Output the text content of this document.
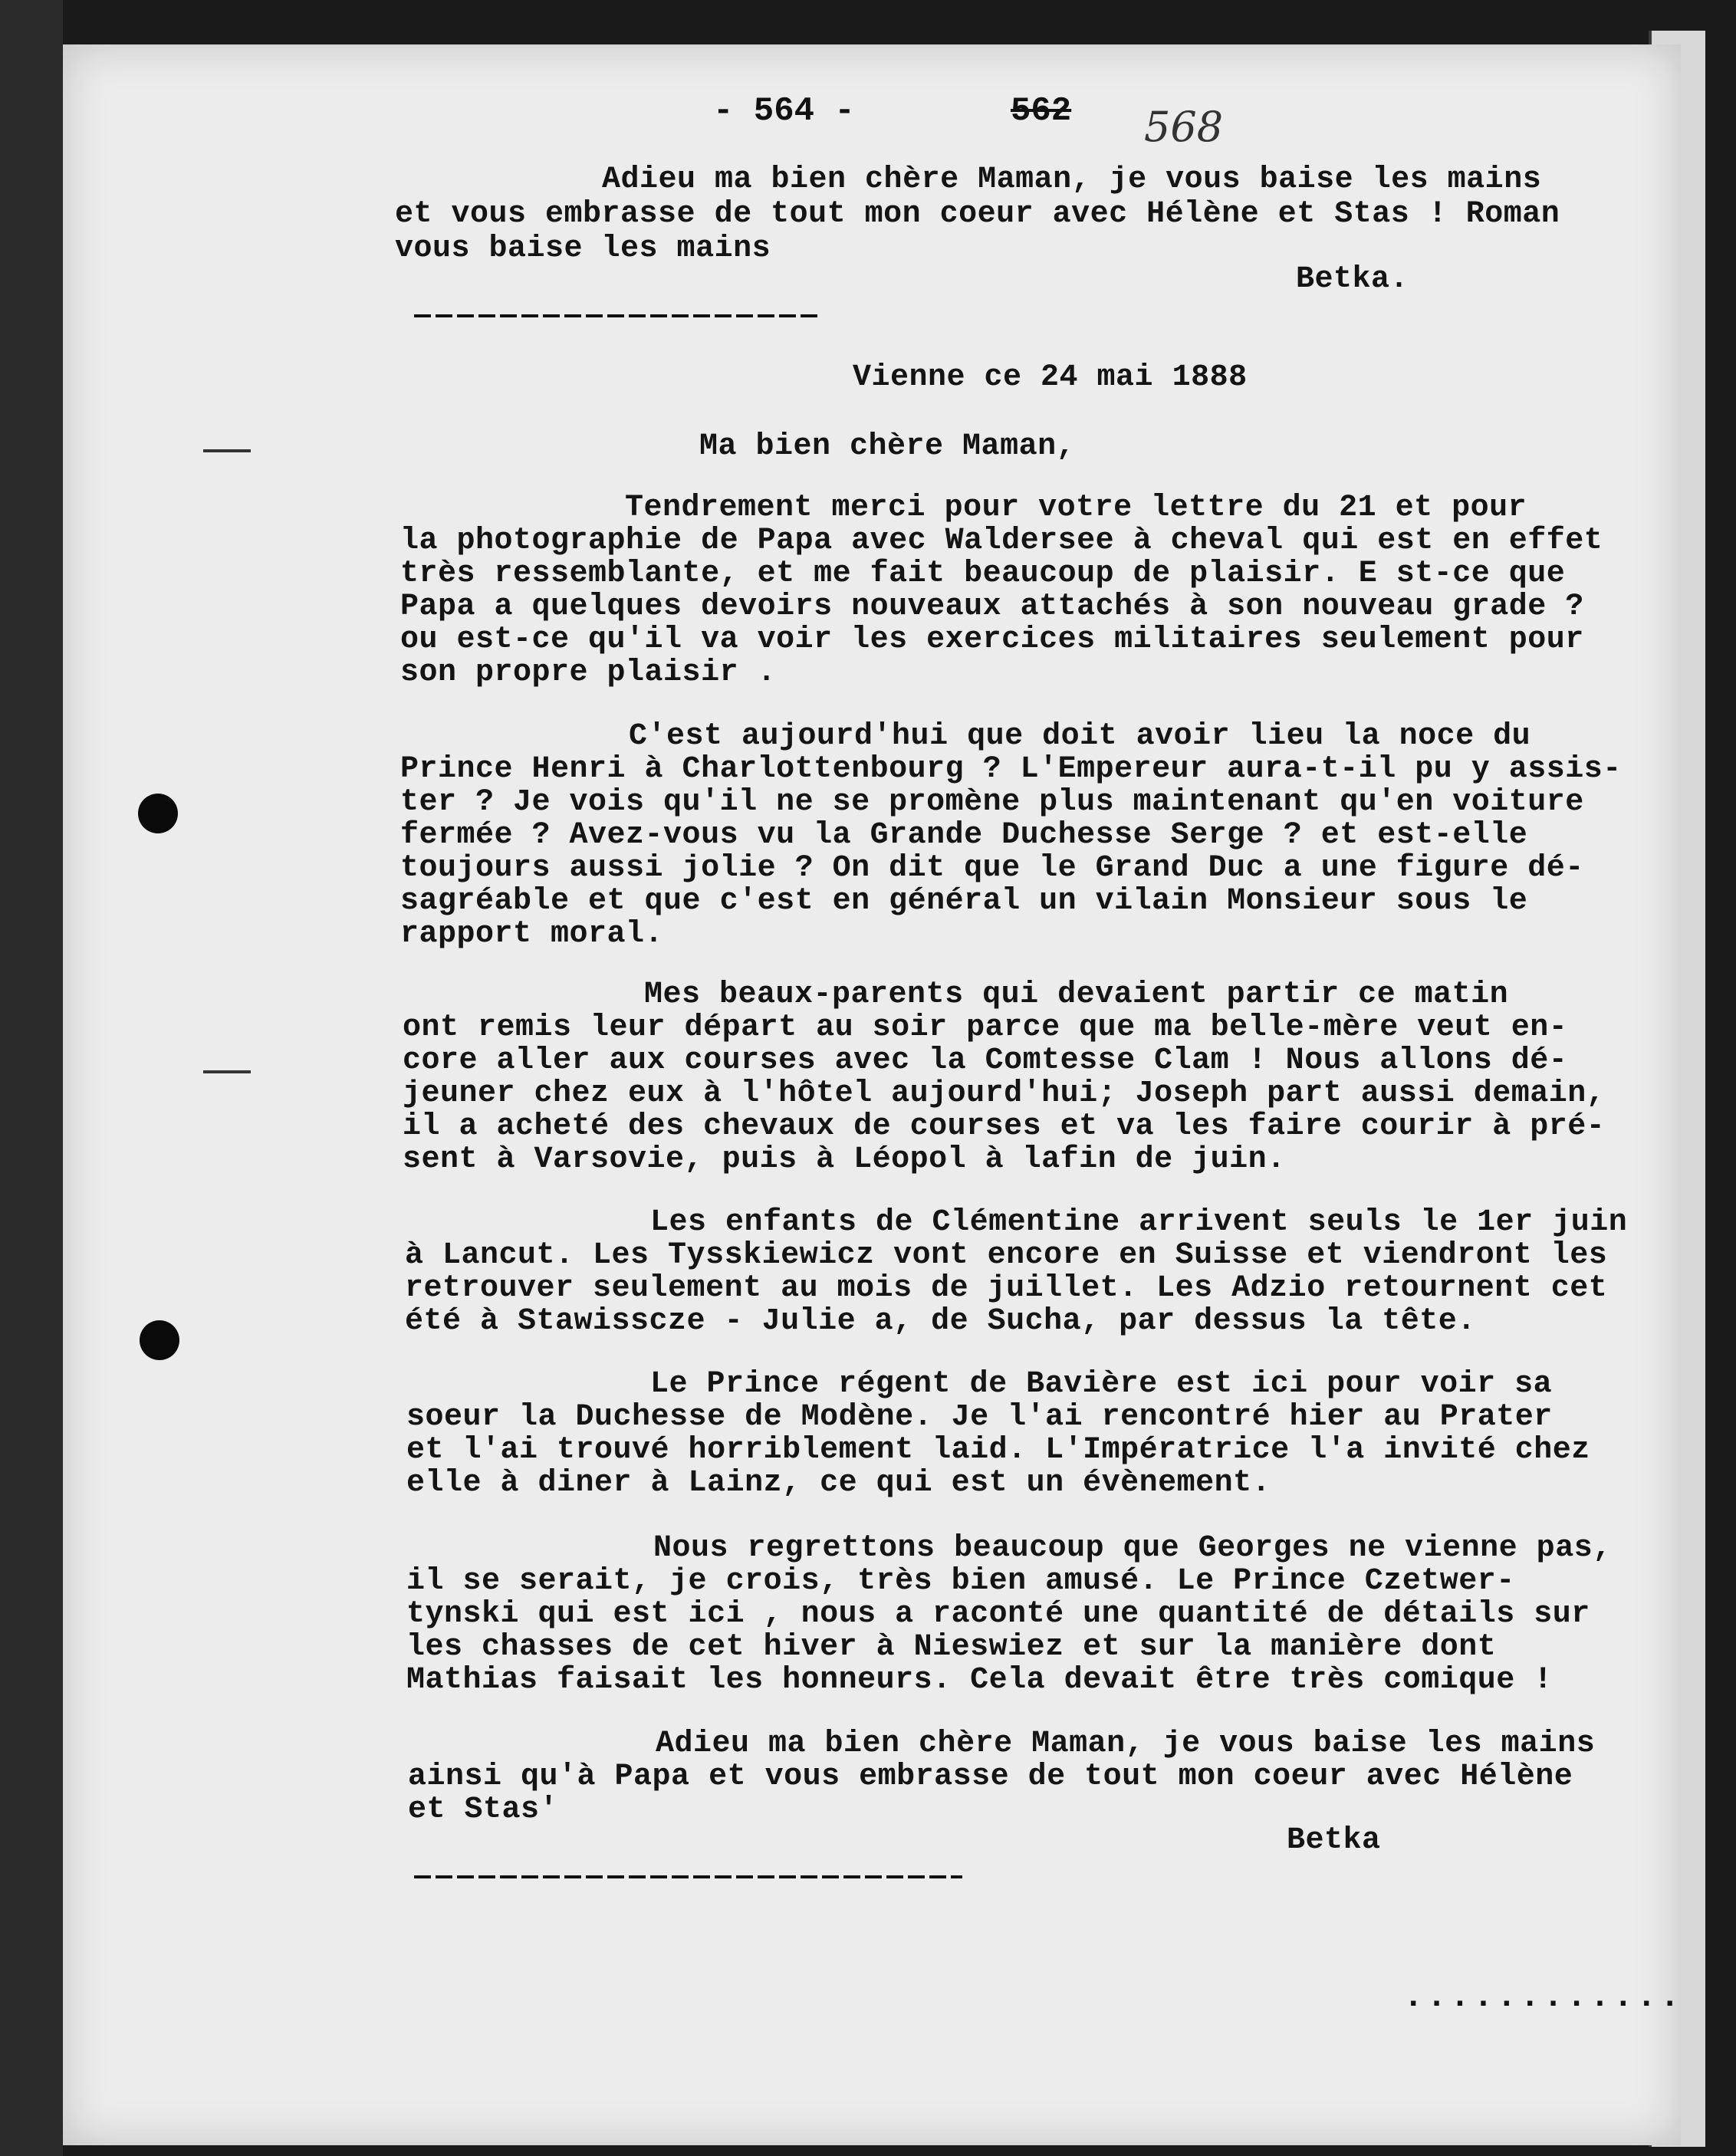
- 564 -	562 568
Adieu ma bien chère Maman, je vous baise les mains
et vous embrasse de tout mon coeur avec Hélène et Stas ! Roman
vous baise les mains
Betka.
Vienne ce 24 mai 1888
Ma bien chère Maman,
Tendrement merci pour votre lettre du 21 et pour
la photographie de Papa avec Waldersee à cheval qui est en effet
très ressemblante, et me fait beaucoup de plaisir. E st-ce que
Papa a quelques devoirs nouveaux attachés à son nouveau grade ?
ou est-ce qu'il va voir les exercices militaires seulement pour
son propre plaisir .
C'est aujourd'hui que doit avoir lieu la noce du
Prince Henri à Charlottenbourg ? L'Empereur aura-t-il pu y assis-
ter ? Je vois qu'il ne se promène plus maintenant qu'en voiture
fermée ? Avez-vous vu la Grande Duchesse Serge ? et est-elle
toujours aussi jolie ? On dit que le Grand Duc a une figure dé-
sagréable et que c'est en général un vilain Monsieur sous le
rapport moral.
Mes beaux-parents qui devaient partir ce matin
ont remis leur départ au soir parce que ma belle-mère veut en-
core aller aux courses avec la Comtesse Clam ! Nous allons dé-
jeuner chez eux à l'hôtel aujourd'hui; Joseph part aussi demain,
il a acheté des chevaux de courses et va les faire courir à pré-
sent à Varsovie, puis à Léopol à lafin de juin.
Les enfants de Clémentine arrivent seuls le 1er juin
à Lancut. Les Tysskiewicz vont encore en Suisse et viendront les
retrouver seulement au mois de juillet. Les Adzio retournent cet
été à Stawisscze - Julie a, de Sucha, par dessus la tête.
Le Prince régent de Bavière est ici pour voir sa
soeur la Duchesse de Modène. Je l'ai rencontré hier au Prater
et l'ai trouvé horriblement laid. L'Impératrice l'a invité chez
elle à diner à Lainz, ce qui est un évènement.
Nous regrettons beaucoup que Georges ne vienne pas,
il se serait, je crois, très bien amusé. Le Prince Czetwer-
tynski qui est ici , nous a raconté une quantité de détails sur
les chasses de cet hiver à Nieswiez et sur la manière dont
Mathias faisait les honneurs. Cela devait être très comique !
Adieu ma bien chère Maman, je vous baise les mains
ainsi qu'à Papa et vous embrasse de tout mon coeur avec Hélène
et Stas'
Betka
............
